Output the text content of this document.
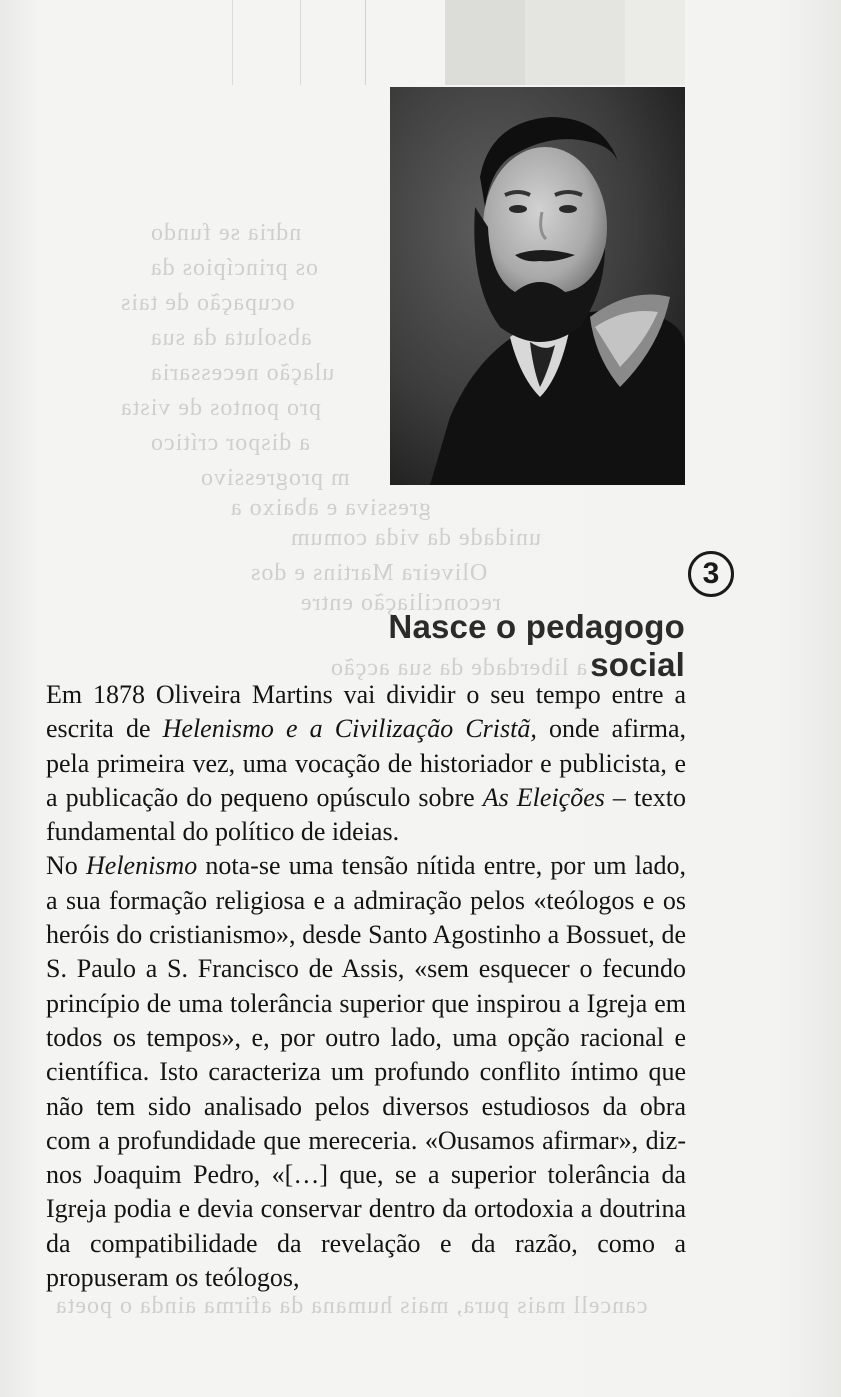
ndria se fundo
os princípios da
ocupação de tais
absoluta da sua
ulação necessaria
pro pontos de vista
a dispor crítico
m progressivo
gressiva e abaixo a
unidade da vida comum
Oliveira Martins e dos
reconciliação entre
a liberdade da sua acção
cancell mais pura, mais humana da afirma ainda o poeta
3
Nasce o pedagogo social

Em 1878 Oliveira Martins vai dividir o seu tempo entre a escrita de Helenismo e a Civilização Cristã, onde afirma, pela primeira vez, uma vocação de historiador e publicista, e a publicação do pequeno opúsculo sobre As Eleições – texto fundamental do político de ideias.

No Helenismo nota-se uma tensão nítida entre, por um lado, a sua formação religiosa e a admiração pelos «teólogos e os heróis do cristianismo», desde Santo Agostinho a Bossuet, de S. Paulo a S. Francisco de Assis, «sem esquecer o fecundo princípio de uma tolerância superior que inspirou a Igreja em todos os tempos», e, por outro lado, uma opção racional e científica. Isto caracteriza um profundo conflito íntimo que não tem sido analisado pelos diversos estudiosos da obra com a profundidade que mereceria. «Ousamos afirmar», diz-nos Joaquim Pedro, «[…] que, se a superior tolerância da Igreja podia e devia conservar dentro da ortodoxia a doutrina da compatibilidade da revelação e da razão, como a propuseram os teólogos,
